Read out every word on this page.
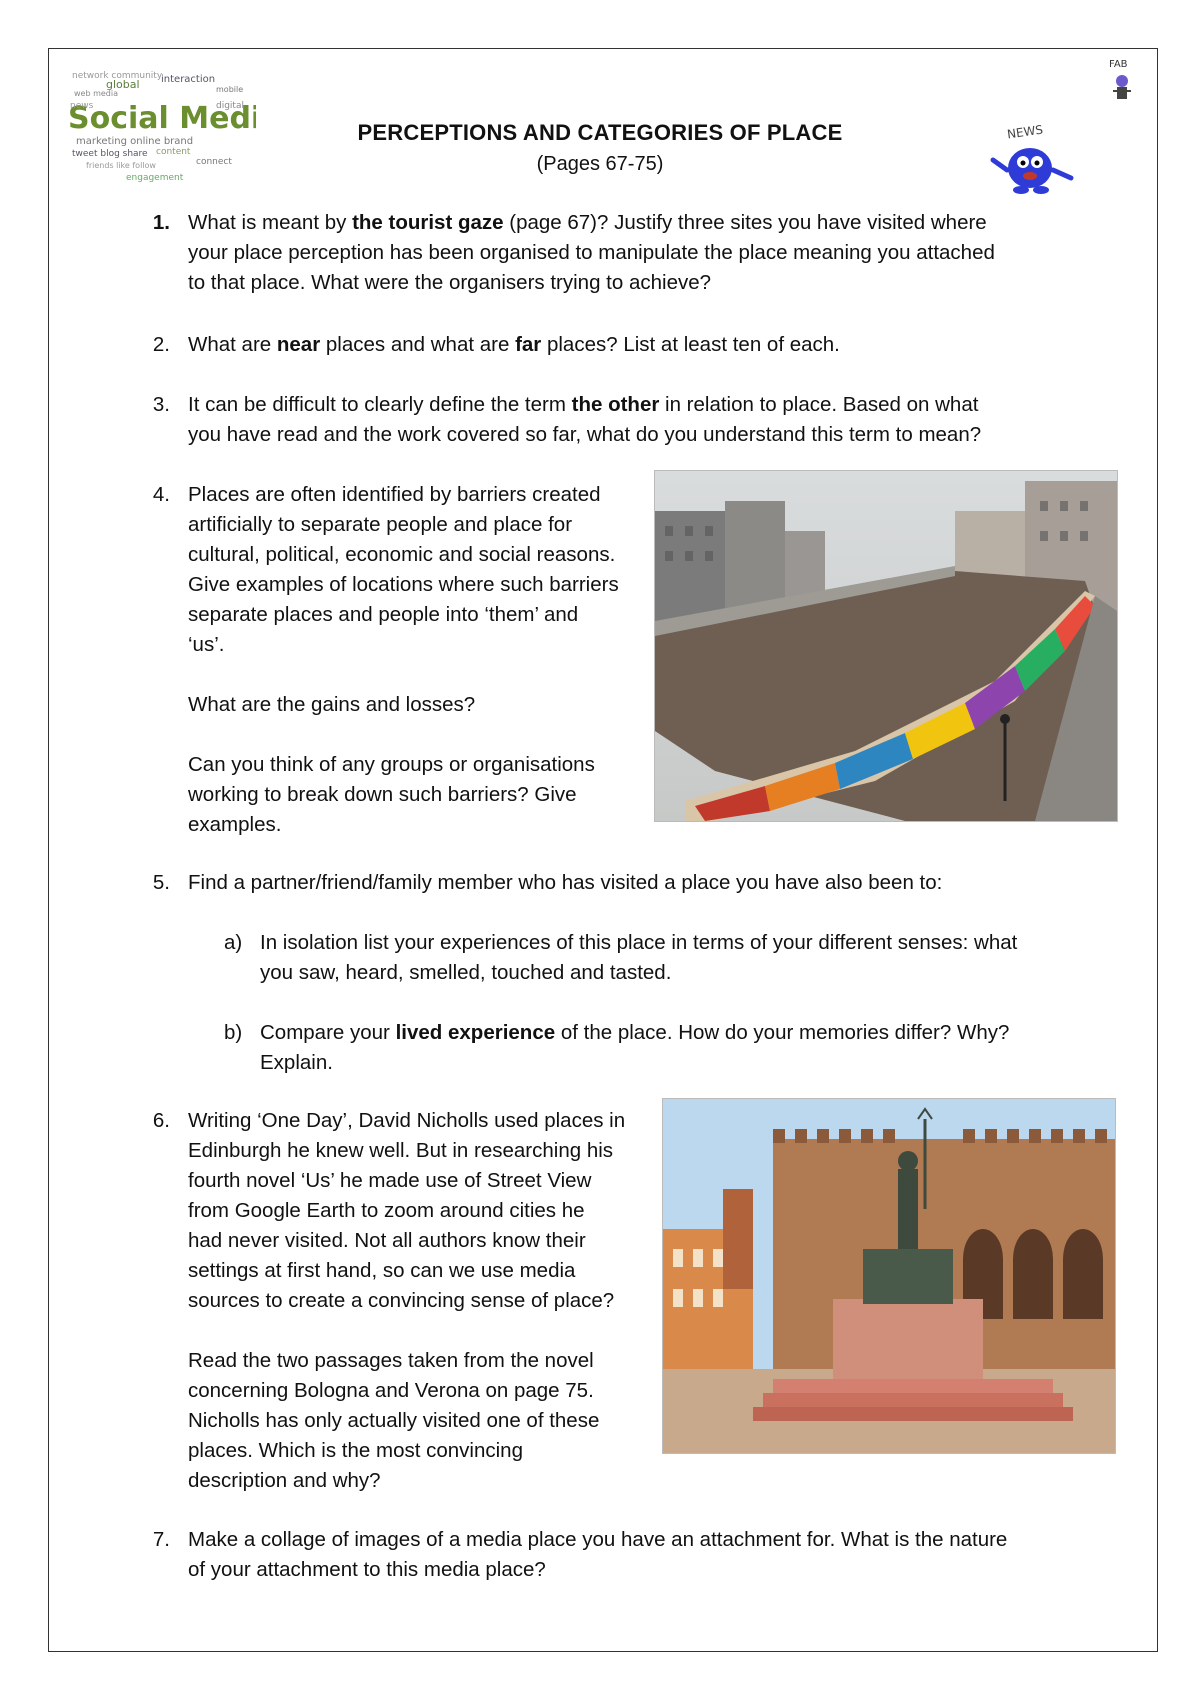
network community
global interaction
web media	mobile
Social Med
marketing online brand
tweet blog share content
connect
friends like follow
engagement
digital
news
FAB
NEWS
PERCEPTIONS AND CATEGORIES OF PLACE
(Pages 67-75)
1. What is meant by the tourist gaze (page 67)? Justify three sites you have visited where
your place perception has been organised to manipulate the place meaning you attached
to that place. What were the organisers trying to achieve?
2. What are near places and what are far places? List at least ten of each.
3. It can be difficult to clearly define the term the other in relation to place. Based on what
you have read and the work covered so far, what do you understand this term to mean?
4. Places are often identified by barriers created
artificially to separate people and place for
cultural, political, economic and social reasons.
Give examples of locations where such barriers
separate places and people into ‘them’ and
‘us’.
What are the gains and losses?
Can you think of any groups or organisations
working to break down such barriers? Give
examples.
5. Find a partner/friend/family member who has visited a place you have also been to:
a) In isolation list your experiences of this place in terms of your different senses: what
you saw, heard, smelled, touched and tasted.
b) Compare your lived experience of the place. How do your memories differ? Why?
Explain.
6. Writing ‘One Day’, David Nicholls used places in
Edinburgh he knew well. But in researching his
fourth novel ‘Us’ he made use of Street View
from Google Earth to zoom around cities he
had never visited. Not all authors know their
settings at first hand, so can we use media
sources to create a convincing sense of place?
Read the two passages taken from the novel
concerning Bologna and Verona on page 75.
Nicholls has only actually visited one of these
places. Which is the most convincing
description and why?
7. Make a collage of images of a media place you have an attachment for. What is the nature
of your attachment to this media place?
